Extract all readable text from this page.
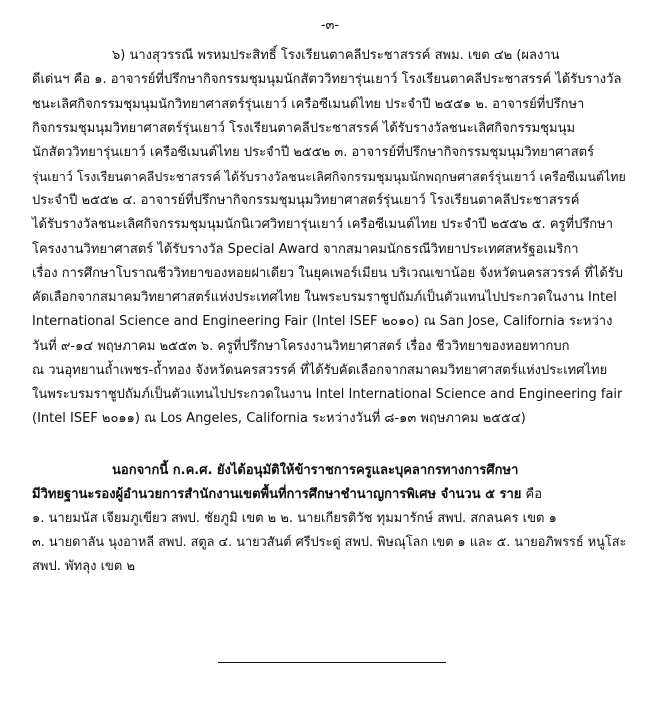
-๓-
๖) นางสุวรรณี พรหมประสิทธิ์ โรงเรียนตาคลีประชาสรรค์ สพม. เขต ๔๒ (ผลงาน
ดีเด่นฯ คือ ๑. อาจารย์ที่ปรึกษากิจกรรมชุมนุมนักสัตววิทยารุ่นเยาว์ โรงเรียนตาคลีประชาสรรค์ ได้รับรางวัล
ชนะเลิศกิจกรรมชุมนุมนักวิทยาศาสตร์รุ่นเยาว์ เครือซีเมนต์ไทย ประจำปี ๒๕๕๑ ๒. อาจารย์ที่ปรึกษา
กิจกรรมชุมนุมวิทยาศาสตร์รุ่นเยาว์ โรงเรียนตาคลีประชาสรรค์ ได้รับรางวัลชนะเลิศกิจกรรมชุมนุม
นักสัตววิทยารุ่นเยาว์ เครือซีเมนต์ไทย ประจำปี ๒๕๕๒ ๓. อาจารย์ที่ปรึกษากิจกรรมชุมนุมวิทยาศาสตร์
รุ่นเยาว์ โรงเรียนตาคลีประชาสรรค์ ได้รับรางวัลชนะเลิศกิจกรรมชุมนุมนักพฤกษศาสตร์รุ่นเยาว์ เครือซีเมนต์ไทย
ประจำปี ๒๕๕๒ ๔. อาจารย์ที่ปรึกษากิจกรรมชุมนุมวิทยาศาสตร์รุ่นเยาว์ โรงเรียนตาคลีประชาสรรค์
ได้รับรางวัลชนะเลิศกิจกรรมชุมนุมนักนิเวศวิทยารุ่นเยาว์ เครือซีเมนต์ไทย ประจำปี ๒๕๕๒ ๕. ครูที่ปรึกษา
โครงงานวิทยาศาสตร์ ได้รับรางวัล Special Award จากสมาคมนักธรณีวิทยาประเทศสหรัฐอเมริกา
เรื่อง การศึกษาโบราณชีววิทยาของหอยฝาเดียว ในยุคเพอร์เมียน บริเวณเขาน้อย จังหวัดนครสวรรค์ ที่ได้รับ
คัดเลือกจากสมาคมวิทยาศาสตร์แห่งประเทศไทย ในพระบรมราชูปถัมภ์เป็นตัวแทนไปประกวดในงาน Intel
International Science and Engineering Fair (Intel ISEF ๒๐๑๐) ณ San Jose, California ระหว่าง
วันที่ ๙-๑๔ พฤษภาคม ๒๕๕๓ ๖. ครูที่ปรึกษาโครงงานวิทยาศาสตร์ เรื่อง ชีววิทยาของหอยทากบก
ณ วนอุทยานถ้ำเพชร-ถ้ำทอง จังหวัดนครสวรรค์ ที่ได้รับคัดเลือกจากสมาคมวิทยาศาสตร์แห่งประเทศไทย
ในพระบรมราชูปถัมภ์เป็นตัวแทนไปประกวดในงาน Intel International Science and Engineering fair
(Intel ISEF ๒๐๑๑) ณ Los Angeles, California ระหว่างวันที่ ๘-๑๓ พฤษภาคม ๒๕๕๔)
นอกจากนี้ ก.ค.ศ. ยังได้อนุมัติให้ข้าราชการครูและบุคลากรทางการศึกษา
มีวิทยฐานะรองผู้อำนวยการสำนักงานเขตพื้นที่การศึกษาชำนาญการพิเศษ จำนวน ๕ ราย คือ
๑. นายมนัส เจียมภูเขียว สพป. ชัยภูมิ เขต ๒ ๒. นายเกียรติวัช ทุมมารักษ์ สพป. สกลนคร เขต ๑
๓. นายดาลัน นุงอาหลี สพป. สตูล ๔. นายวสันต์ ศรีประดู่ สพป. พิษณุโลก เขต ๑ และ ๕. นายอภิพรรธ์ หนูโสะ
สพป. พัทลุง เขต ๒
